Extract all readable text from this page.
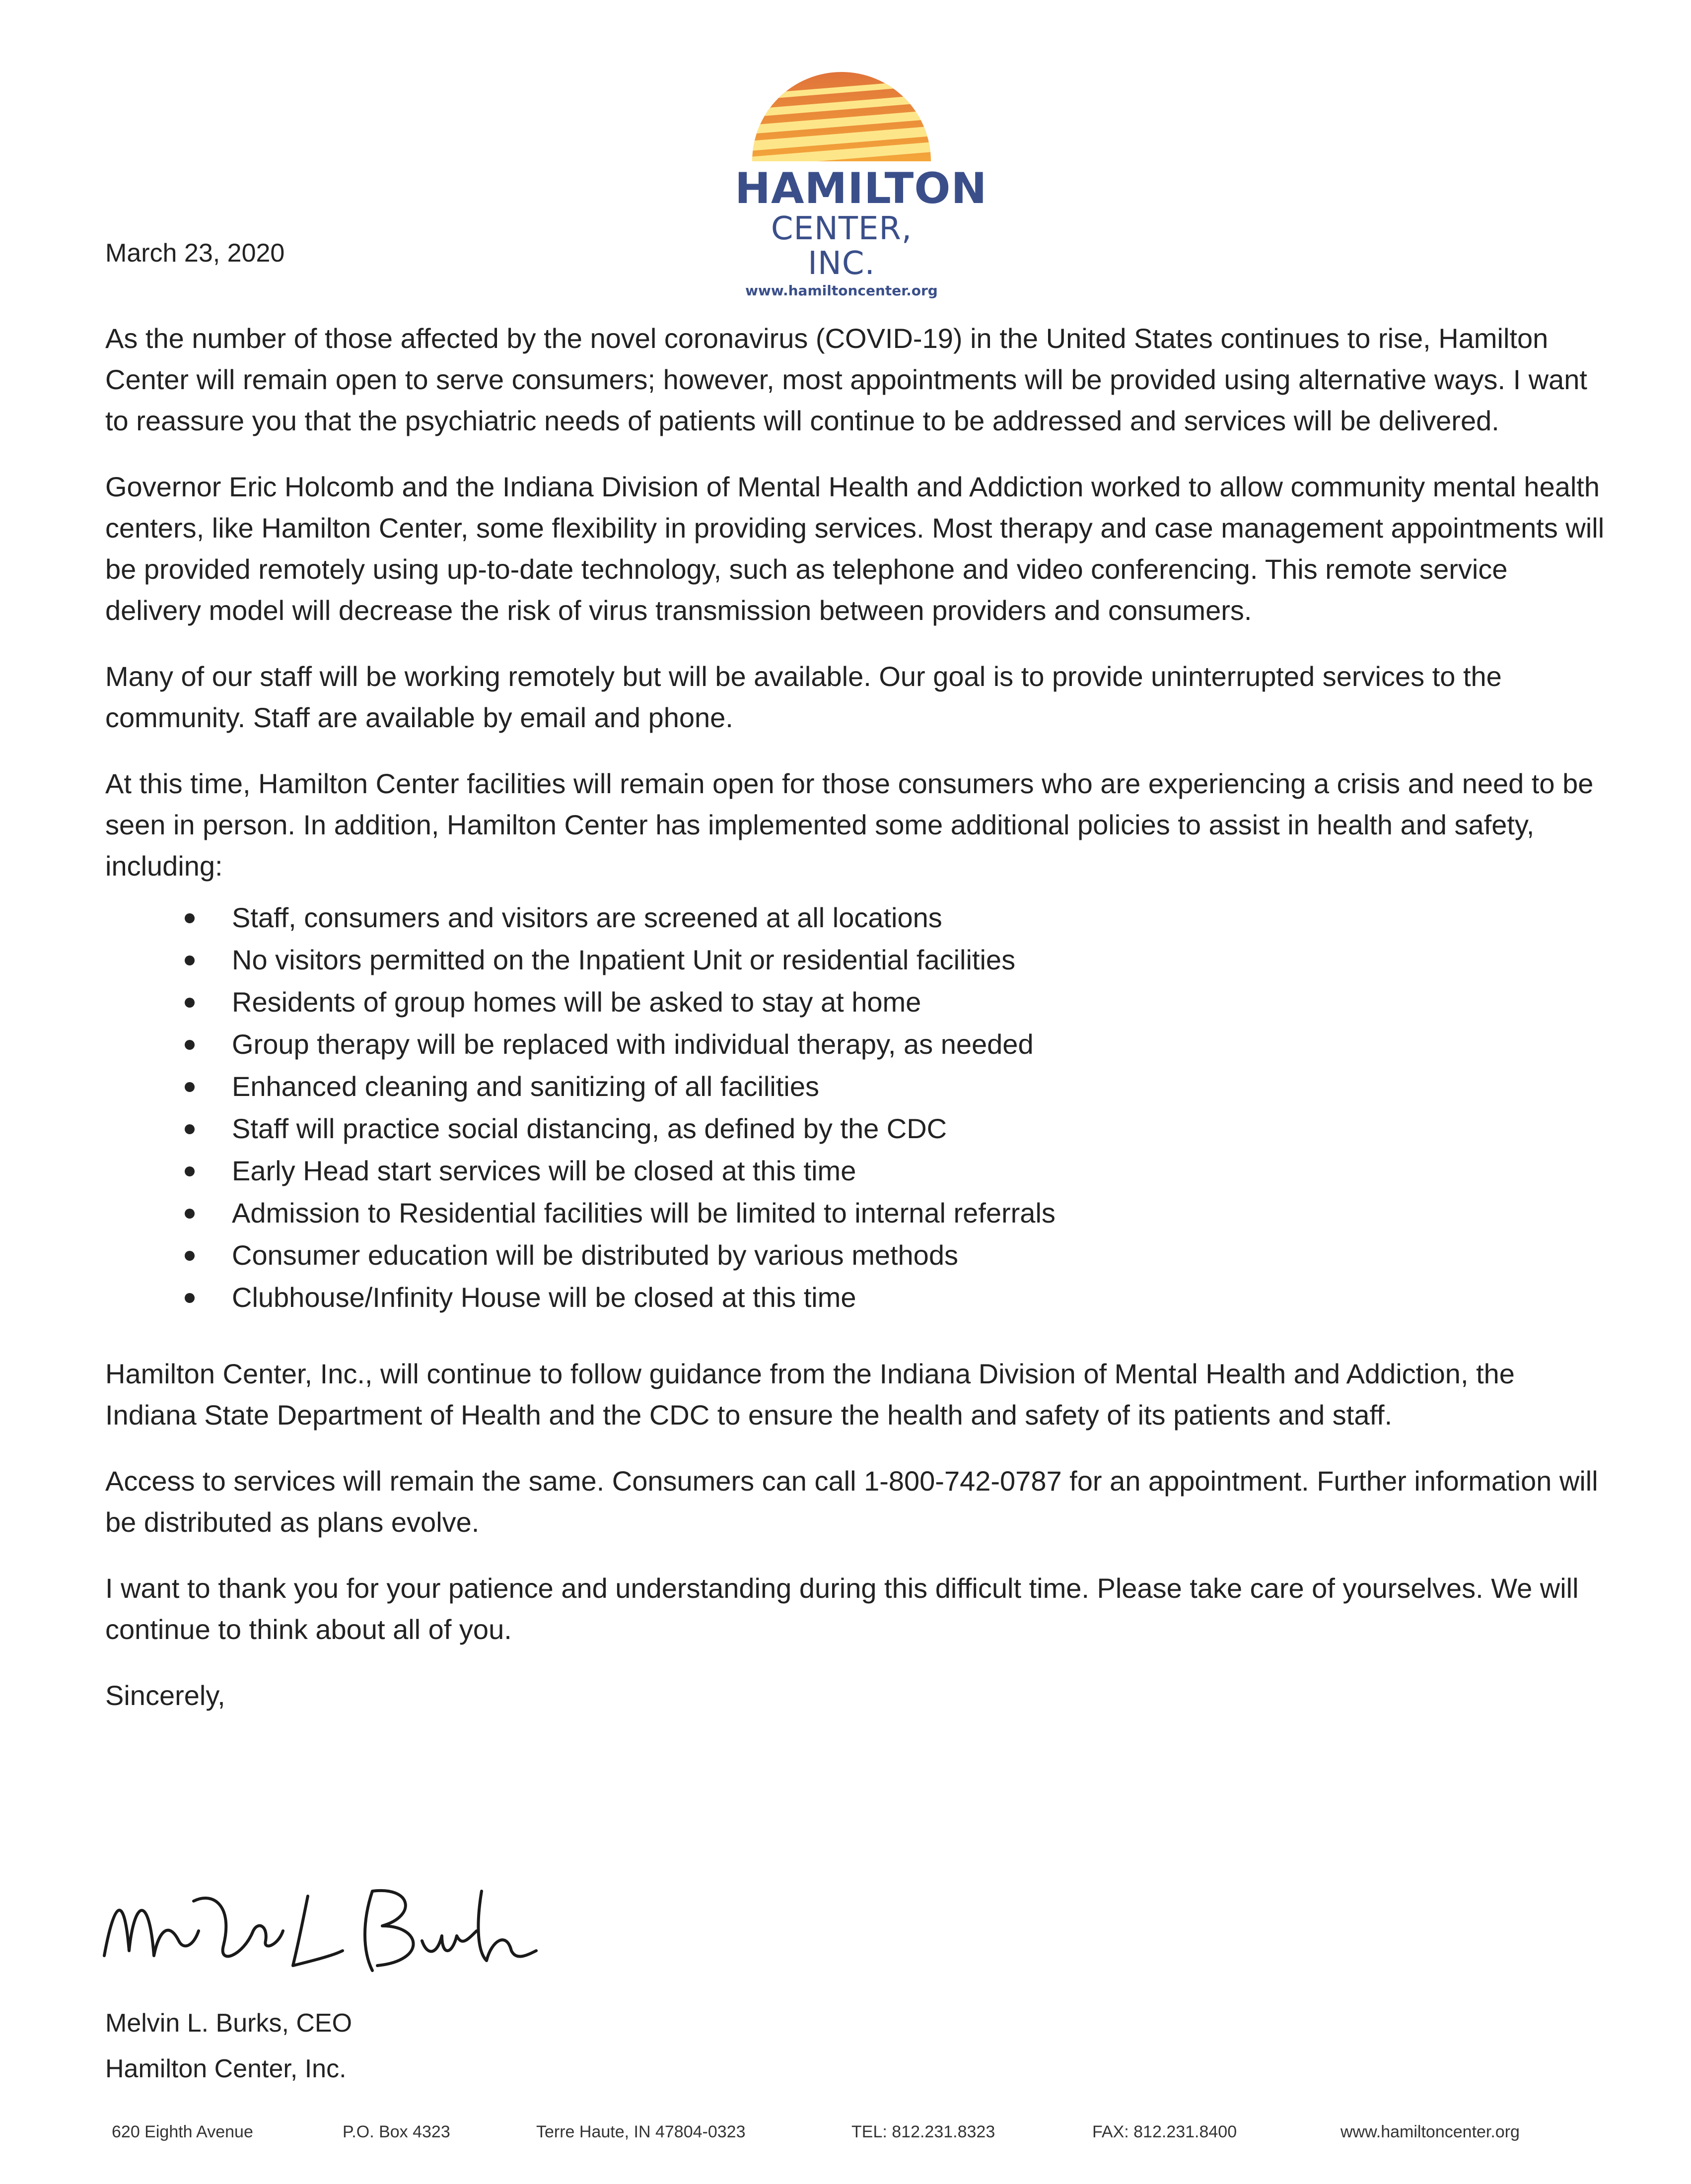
HAMILTON
CENTER, INC.
www.hamiltoncenter.org
March 23, 2020

As the number of those affected by the novel coronavirus (COVID-19) in the United States continues to rise, Hamilton Center will remain open to serve consumers; however, most appointments will be provided using alternative ways. I want to reassure you that the psychiatric needs of patients will continue to be addressed and services will be delivered.

Governor Eric Holcomb and the Indiana Division of Mental Health and Addiction worked to allow community mental health centers, like Hamilton Center, some flexibility in providing services. Most therapy and case management appointments will be provided remotely using up-to-date technology, such as telephone and video conferencing. This remote service delivery model will decrease the risk of virus transmission between providers and consumers.

Many of our staff will be working remotely but will be available. Our goal is to provide uninterrupted services to the community. Staff are available by email and phone.

At this time, Hamilton Center facilities will remain open for those consumers who are experiencing a crisis and need to be seen in person. In addition, Hamilton Center has implemented some additional policies to assist in health and safety, including:

Staff, consumers and visitors are screened at all locations
No visitors permitted on the Inpatient Unit or residential facilities
Residents of group homes will be asked to stay at home
Group therapy will be replaced with individual therapy, as needed
Enhanced cleaning and sanitizing of all facilities
Staff will practice social distancing, as defined by the CDC
Early Head start services will be closed at this time
Admission to Residential facilities will be limited to internal referrals
Consumer education will be distributed by various methods
Clubhouse/Infinity House will be closed at this time

Hamilton Center, Inc., will continue to follow guidance from the Indiana Division of Mental Health and Addiction, the Indiana State Department of Health and the CDC to ensure the health and safety of its patients and staff.

Access to services will remain the same. Consumers can call 1-800-742-0787 for an appointment. Further information will be distributed as plans evolve.

I want to thank you for your patience and understanding during this difficult time. Please take care of yourselves. We will continue to think about all of you.

Sincerely,

Melvin L. Burks, CEO
Hamilton Center, Inc.
620 Eighth Avenue	P.O. Box 4323	Terre Haute, IN 47804-0323	TEL: 812.231.8323	FAX: 812.231.8400	www.hamiltoncenter.org
